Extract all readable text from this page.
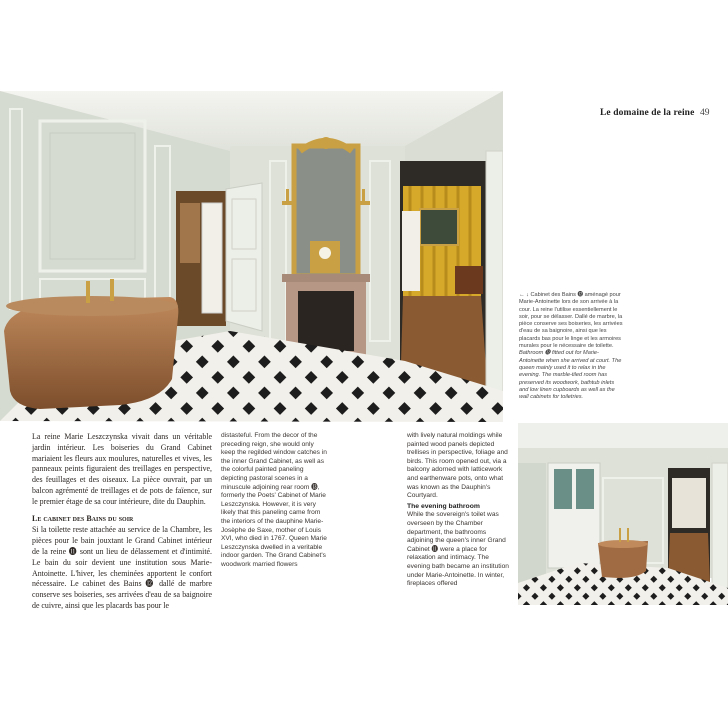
Le domaine de la reine 49
← ↓ Cabinet des Bains ⓬ aménagé pour Marie-Antoinette lors de son arrivée à la cour. La reine l'utilise essentiellement le soir, pour se délasser. Dallé de marbre, la pièce conserve ses boiseries, les arrivées d'eau de sa baignoire, ainsi que les placards bas pour le linge et les armoires murales pour le nécessaire de toilette.
Bathroom ⓬ fitted out for Marie-Antoinette when she arrived at court. The queen mainly used it to relax in the evening. The marble-tiled room has preserved its woodwork, bathtub inlets and low linen cupboards as well as the wall cabinets for toiletries.

La reine Marie Leszczynska vivait dans un véritable jardin intérieur. Les boiseries du Grand Cabinet mariaient les fleurs aux moulures, naturelles et vives, les panneaux peints figuraient des treillages en perspective, des feuillages et des oiseaux. La pièce ouvrait, par un balcon agrémenté de treillages et de pots de faïence, sur le premier étage de sa cour intérieure, dite du Dauphin.

Le cabinet des Bains du soir

Si la toilette reste attachée au service de la Chambre, les pièces pour le bain jouxtant le Grand Cabinet intérieur de la reine ⓫ sont un lieu de délassement et d'intimité. Le bain du soir devient une institution sous Marie-Antoinette. L'hiver, les cheminées apportent le confort nécessaire. Le cabinet des Bains ⓬ dallé de marbre conserve ses boiseries, ses arrivées d'eau de sa baignoire de cuivre, ainsi que les placards bas pour le

distasteful. From the decor of the preceding reign, she would only keep the regilded window catches in the inner Grand Cabinet, as well as the colorful painted paneling depicting pastoral scenes in a minuscule adjoining rear room ⓭, formerly the Poets' Cabinet of Marie Leszczynska. However, it is very likely that this paneling came from the interiors of the dauphine Marie-Josèphe de Saxe, mother of Louis XVI, who died in 1767. Queen Marie Leszczynska dwelled in a veritable indoor garden. The Grand Cabinet's woodwork married flowers

with lively natural moldings while painted wood panels depicted trellises in perspective, foliage and birds. This room opened out, via a balcony adorned with latticework and earthenware pots, onto what was known as the Dauphin's Courtyard.

The evening bathroom

While the sovereign's toilet was overseen by the Chamber department, the bathrooms adjoining the queen's inner Grand Cabinet ⓫ were a place for relaxation and intimacy. The evening bath became an institution under Marie-Antoinette. In winter, fireplaces offered
